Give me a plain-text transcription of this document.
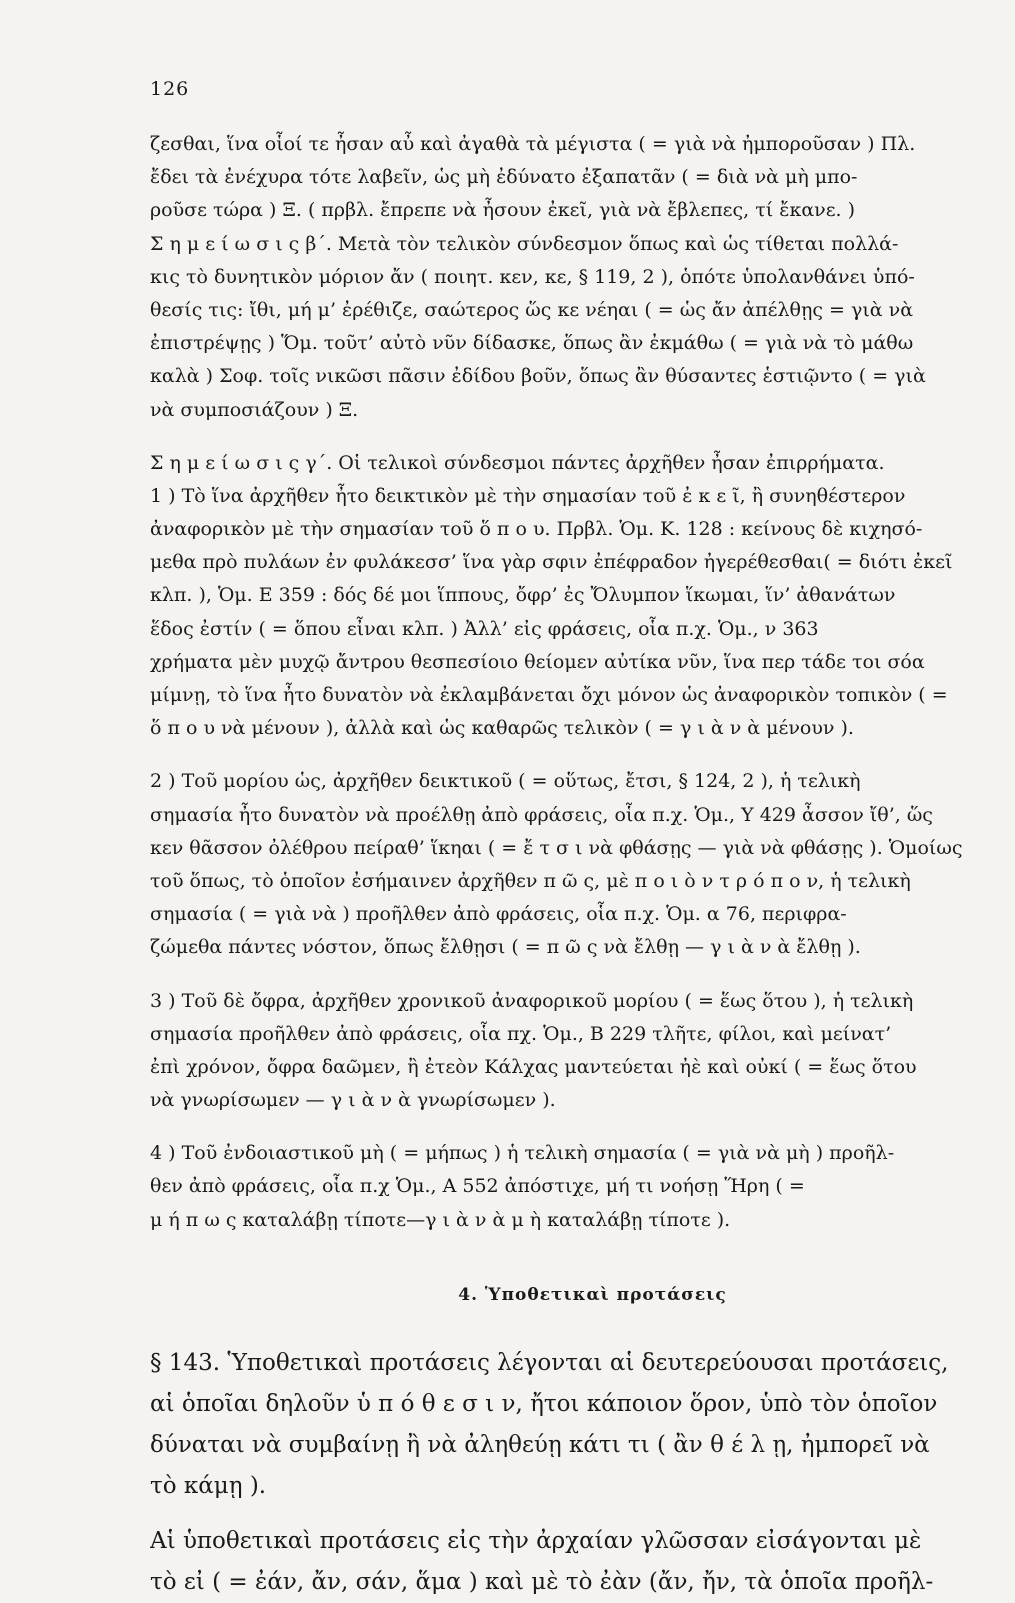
126
ζεσθαι, ἵνα οἷοί τε ἦσαν αὖ καὶ ἀγαθὰ τὰ μέγιστα ( = γιὰ νὰ ἠμποροῦσαν ) Πλ.
ἔδει τὰ ἐνέχυρα τότε λαβεῖν, ὡς μὴ ἐδύνατο ἐξαπατᾶν ( = διὰ νὰ μὴ μπο-
ροῦσε τώρα ) Ξ. ( πρβλ. ἔπρεπε νὰ ἦσουν ἐκεῖ, γιὰ νὰ ἔβλεπες, τί ἔκανε. )
Σ η μ ε ί ω σ ι ς β΄. Μετὰ τὸν τελικὸν σύνδεσμον ὅπως καὶ ὡς τίθεται πολλά-
κις τὸ δυνητικὸν μόριον ἄν ( ποιητ. κεν, κε, § 119, 2 ), ὁπότε ὑπολανθάνει ὑπό-
θεσίς τις: ἴθι, μή μ’ ἐρέθιζε, σαώτερος ὥς κε νέηαι ( = ὡς ἄν ἀπέλθῃς = γιὰ νὰ
ἐπιστρέψῃς ) Ὅμ. τοῦτ’ αὐτὸ νῦν δίδασκε, ὅπως ἂν ἐκμάθω ( = γιὰ νὰ τὸ μάθω
καλὰ ) Σοφ. τοῖς νικῶσι πᾶσιν ἐδίδου βοῦν, ὅπως ἂν θύσαντες ἑστιῷντο ( = γιὰ
νὰ συμποσιάζουν ) Ξ.
Σ η μ ε ί ω σ ι ς γ΄. Οἱ τελικοὶ σύνδεσμοι πάντες ἀρχῆθεν ἦσαν ἐπιρρήματα.
1 ) Τὸ ἵνα ἀρχῆθεν ἦτο δεικτικὸν μὲ τὴν σημασίαν τοῦ ἐ κ ε ῖ, ἢ συνηθέστερον
ἀναφορικὸν μὲ τὴν σημασίαν τοῦ ὅ π ο υ. Πρβλ. Ὁμ. Κ. 128 : κείνους δὲ κιχησό-
μεθα πρὸ πυλάων ἐν φυλάκεσσ’ ἵνα γὰρ σφιν ἐπέφραδον ἠγερέθεσθαι( = διότι ἐκεῖ
κλπ. ), Ὁμ. Ε 359 : δός δέ μοι ἵππους, ὄφρ’ ἐς Ὄλυμπον ἵκωμαι, ἵν’ ἀθανάτων
ἕδος ἐστίν ( = ὅπου εἶναι κλπ. ) Ἀλλ’ εἰς φράσεις, οἷα π.χ. Ὁμ., ν 363
χρήματα μὲν μυχῷ ἄντρου θεσπεσίοιο θείομεν αὐτίκα νῦν, ἵνα περ τάδε τοι σόα
μίμνῃ, τὸ ἵνα ἦτο δυνατὸν νὰ ἐκλαμβάνεται ὄχι μόνον ὡς ἀναφορικὸν τοπικὸν ( =
ὅ π ο υ νὰ μένουν ), ἀλλὰ καὶ ὡς καθαρῶς τελικὸν ( = γ ι ὰ ν ὰ μένουν ).
2 ) Τοῦ μορίου ὡς, ἀρχῆθεν δεικτικοῦ ( = οὕτως, ἔτσι, § 124, 2 ), ἡ τελικὴ
σημασία ἦτο δυνατὸν νὰ προέλθῃ ἀπὸ φράσεις, οἷα π.χ. Ὁμ., Υ 429 ἆσσον ἴθ’, ὥς
κεν θᾶσσον ὀλέθρου πείραθ’ ἵκηαι ( = ἔ τ σ ι νὰ φθάσῃς — γιὰ νὰ φθάσῃς ). Ὁμοίως
τοῦ ὅπως, τὸ ὁποῖον ἐσήμαινεν ἀρχῆθεν π ῶ ς, μὲ π ο ι ὸ ν τ ρ ό π ο ν, ἡ τελικὴ
σημασία ( = γιὰ νὰ ) προῆλθεν ἀπὸ φράσεις, οἷα π.χ. Ὁμ. α 76, περιφρα-
ζώμεθα πάντες νόστον, ὅπως ἔλθῃσι ( = π ῶ ς νὰ ἔλθῃ — γ ι ὰ ν ὰ ἔλθῃ ).
3 ) Τοῦ δὲ ὄφρα, ἀρχῆθεν χρονικοῦ ἀναφορικοῦ μορίου ( = ἕως ὅτου ), ἡ τελικὴ
σημασία προῆλθεν ἀπὸ φράσεις, οἷα πχ. Ὁμ., Β 229 τλῆτε, φίλοι, καὶ μείνατ’
ἐπὶ χρόνον, ὄφρα δαῶμεν, ἢ ἐτεὸν Κάλχας μαντεύεται ἠὲ καὶ οὐκί ( = ἕως ὅτου
νὰ γνωρίσωμεν — γ ι ὰ ν ὰ γνωρίσωμεν ).
4 ) Τοῦ ἐνδοιαστικοῦ μὴ ( = μήπως ) ἡ τελικὴ σημασία ( = γιὰ νὰ μὴ ) προῆλ-
θεν ἀπὸ φράσεις, οἷα π.χ Ὁμ., Α 552 ἀπόστιχε, μή τι νοήσῃ Ἥρη ( =
μ ή π ω ς καταλάβῃ τίποτε—γ ι ὰ ν ὰ μ ὴ καταλάβῃ τίποτε ).
4. Ὑποθετικαὶ προτάσεις
§ 143. Ὑποθετικαὶ προτάσεις λέγονται αἱ δευτερεύουσαι προτάσεις,
αἱ ὁποῖαι δηλοῦν ὑ π ό θ ε σ ι ν, ἤτοι κάποιον ὅρον, ὑπὸ τὸν ὁποῖον
δύναται νὰ συμβαίνῃ ἢ νὰ ἀληθεύῃ κάτι τι ( ἂν θ έ λ ῃ, ἠμπορεῖ νὰ
τὸ κάμῃ ).
Αἱ ὑποθετικαὶ προτάσεις εἰς τὴν ἀρχαίαν γλῶσσαν εἰσάγονται μὲ
τὸ εἰ ( = ἐάν, ἄν, σάν, ἅμα ) καὶ μὲ τὸ ἐὰν (ἄν, ἤν, τὰ ὁποῖα προῆλ-
